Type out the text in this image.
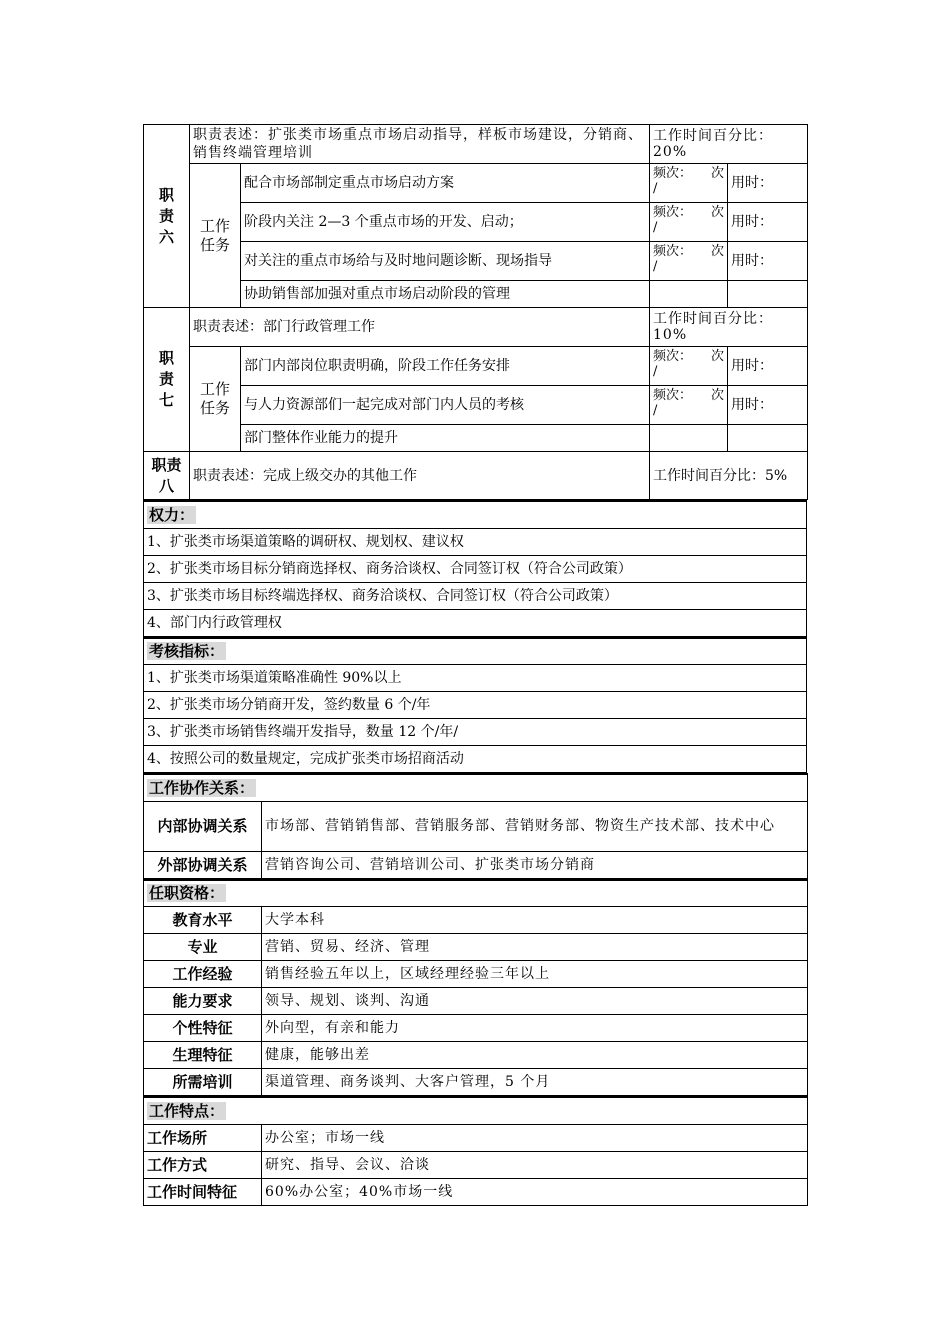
职责六	职责表述：扩张类市场重点市场启动指导，样板市场建设，分销商、销售终端管理培训		工作时间百分比：20%	
	工作任务	配合市场部制定重点市场启动方案	频次： 次
/	用时：
		阶段内关注 2—3 个重点市场的开发、启动；	频次： 次
/	用时：
		对关注的重点市场给与及时地问题诊断、现场指导	频次： 次
/	用时：
		协助销售部加强对重点市场启动阶段的管理		
职责七	职责表述：部门行政管理工作		工作时间百分比：10%	
	工作任务	部门内部岗位职责明确，阶段工作任务安排	频次： 次
/	用时：
		与人力资源部们一起完成对部门内人员的考核	频次： 次
/	用时：
		部门整体作业能力的提升		
职责八	职责表述：完成上级交办的其他工作		工作时间百分比：5%	
权力：
1、扩张类市场渠道策略的调研权、规划权、建议权
2、扩张类市场目标分销商选择权、商务洽谈权、合同签订权（符合公司政策）
3、扩张类市场目标终端选择权、商务洽谈权、合同签订权（符合公司政策）
4、部门内行政管理权
考核指标：
1、扩张类市场渠道策略准确性 90%以上
2、扩张类市场分销商开发，签约数量 6 个/年
3、扩张类市场销售终端开发指导，数量 12 个/年/
4、按照公司的数量规定，完成扩张类市场招商活动
工作协作关系：	
内部协调关系	市场部、营销销售部、营销服务部、营销财务部、物资生产技术部、技术中心
外部协调关系	营销咨询公司、营销培训公司、扩张类市场分销商
任职资格：	
教育水平	大学本科
专业	营销、贸易、经济、管理
工作经验	销售经验五年以上，区域经理经验三年以上
能力要求	领导、规划、谈判、沟通
个性特征	外向型，有亲和能力
生理特征	健康，能够出差
所需培训	渠道管理、商务谈判、大客户管理，5 个月
工作特点：	
工作场所	办公室；市场一线
工作方式	研究、指导、会议、洽谈
工作时间特征	60%办公室；40%市场一线
